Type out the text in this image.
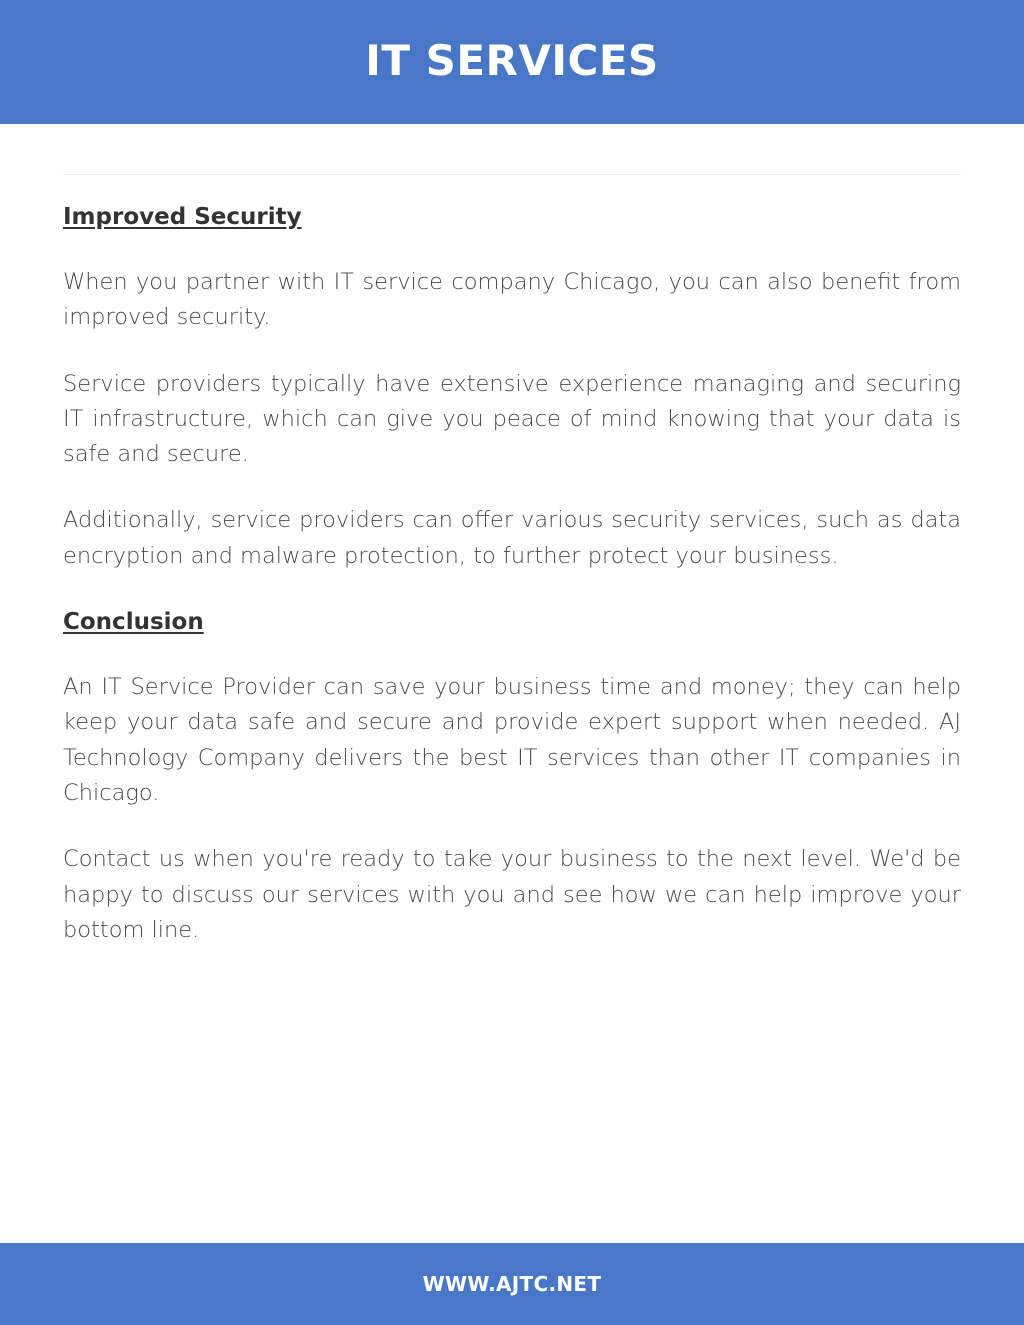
IT SERVICES
Improved Security

When you partner with IT service company Chicago, you can also benefit from improved security.

Service providers typically have extensive experience managing and securing IT infrastructure, which can give you peace of mind knowing that your data is safe and secure.

Additionally, service providers can offer various security services, such as data encryption and malware protection, to further protect your business.

Conclusion

An IT Service Provider can save your business time and money; they can help keep your data safe and secure and provide expert support when needed. AJ Technology Company delivers the best IT services than other IT companies in Chicago.

Contact us when you're ready to take your business to the next level. We'd be happy to discuss our services with you and see how we can help improve your bottom line.

WWW.AJTC.NET
